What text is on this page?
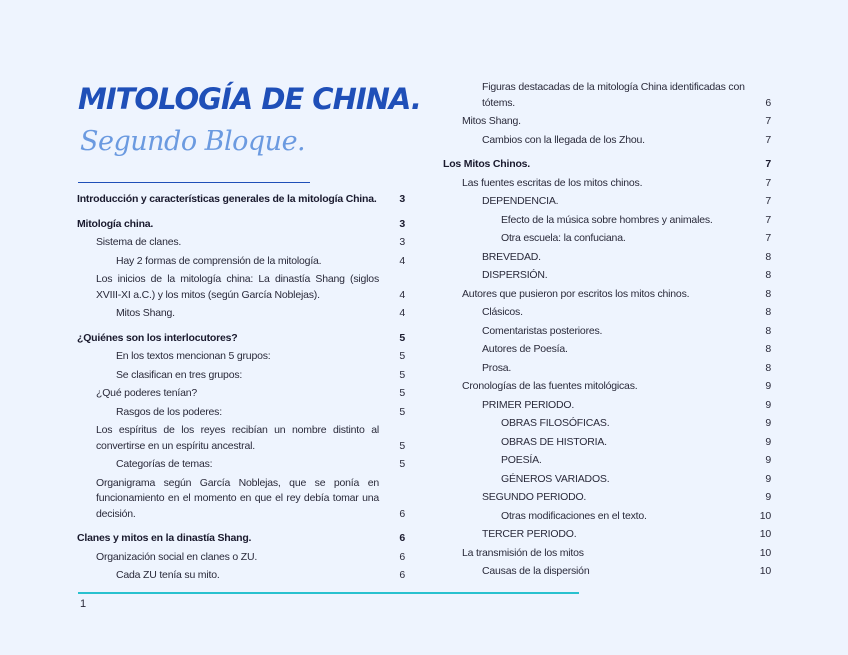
MITOLOGÍA DE CHINA.
Segundo Bloque.
Introducción y características generales de la mitología China.	3
Mitología china.	3
Sistema de clanes.	3
Hay 2 formas de comprensión de la mitología.	4
Los inicios de la mitología china: La dinastía Shang (siglos XVIII-XI a.C.) y los mitos (según García Noblejas).	4
Mitos Shang.	4
¿Quiénes son los interlocutores?	5
En los textos mencionan 5 grupos:	5
Se clasifican en tres grupos:	5
¿Qué poderes tenían?	5
Rasgos de los poderes:	5
Los espíritus de los reyes recibían un nombre distinto al convertirse en un espíritu ancestral.	5
Categorías de temas:	5
Organigrama según García Noblejas, que se ponía en funcionamiento en el momento en que el rey debía tomar una decisión.	6
Clanes y mitos en la dinastía Shang.	6
Organización social en clanes o ZU.	6
Cada ZU tenía su mito.	6
Figuras destacadas de la mitología China identificadas con tótems.	6
Mitos Shang.	7
Cambios con la llegada de los Zhou.	7
Los Mitos Chinos.	7
Las fuentes escritas de los mitos chinos.	7
DEPENDENCIA.	7
Efecto de la música sobre hombres y animales.	7
Otra escuela: la confuciana.	7
BREVEDAD.	8
DISPERSIÓN.	8
Autores que pusieron por escritos los mitos chinos.	8
Clásicos.	8
Comentaristas posteriores.	8
Autores de Poesía.	8
Prosa.	8
Cronologías de las fuentes mitológicas.	9
PRIMER PERIODO.	9
OBRAS FILOSÓFICAS.	9
OBRAS DE HISTORIA.	9
POESÍA.	9
GÉNEROS VARIADOS.	9
SEGUNDO PERIODO.	9
Otras modificaciones en el texto.	10
TERCER PERIODO.	10
La transmisión de los mitos	10
Causas de la dispersión	10
1
